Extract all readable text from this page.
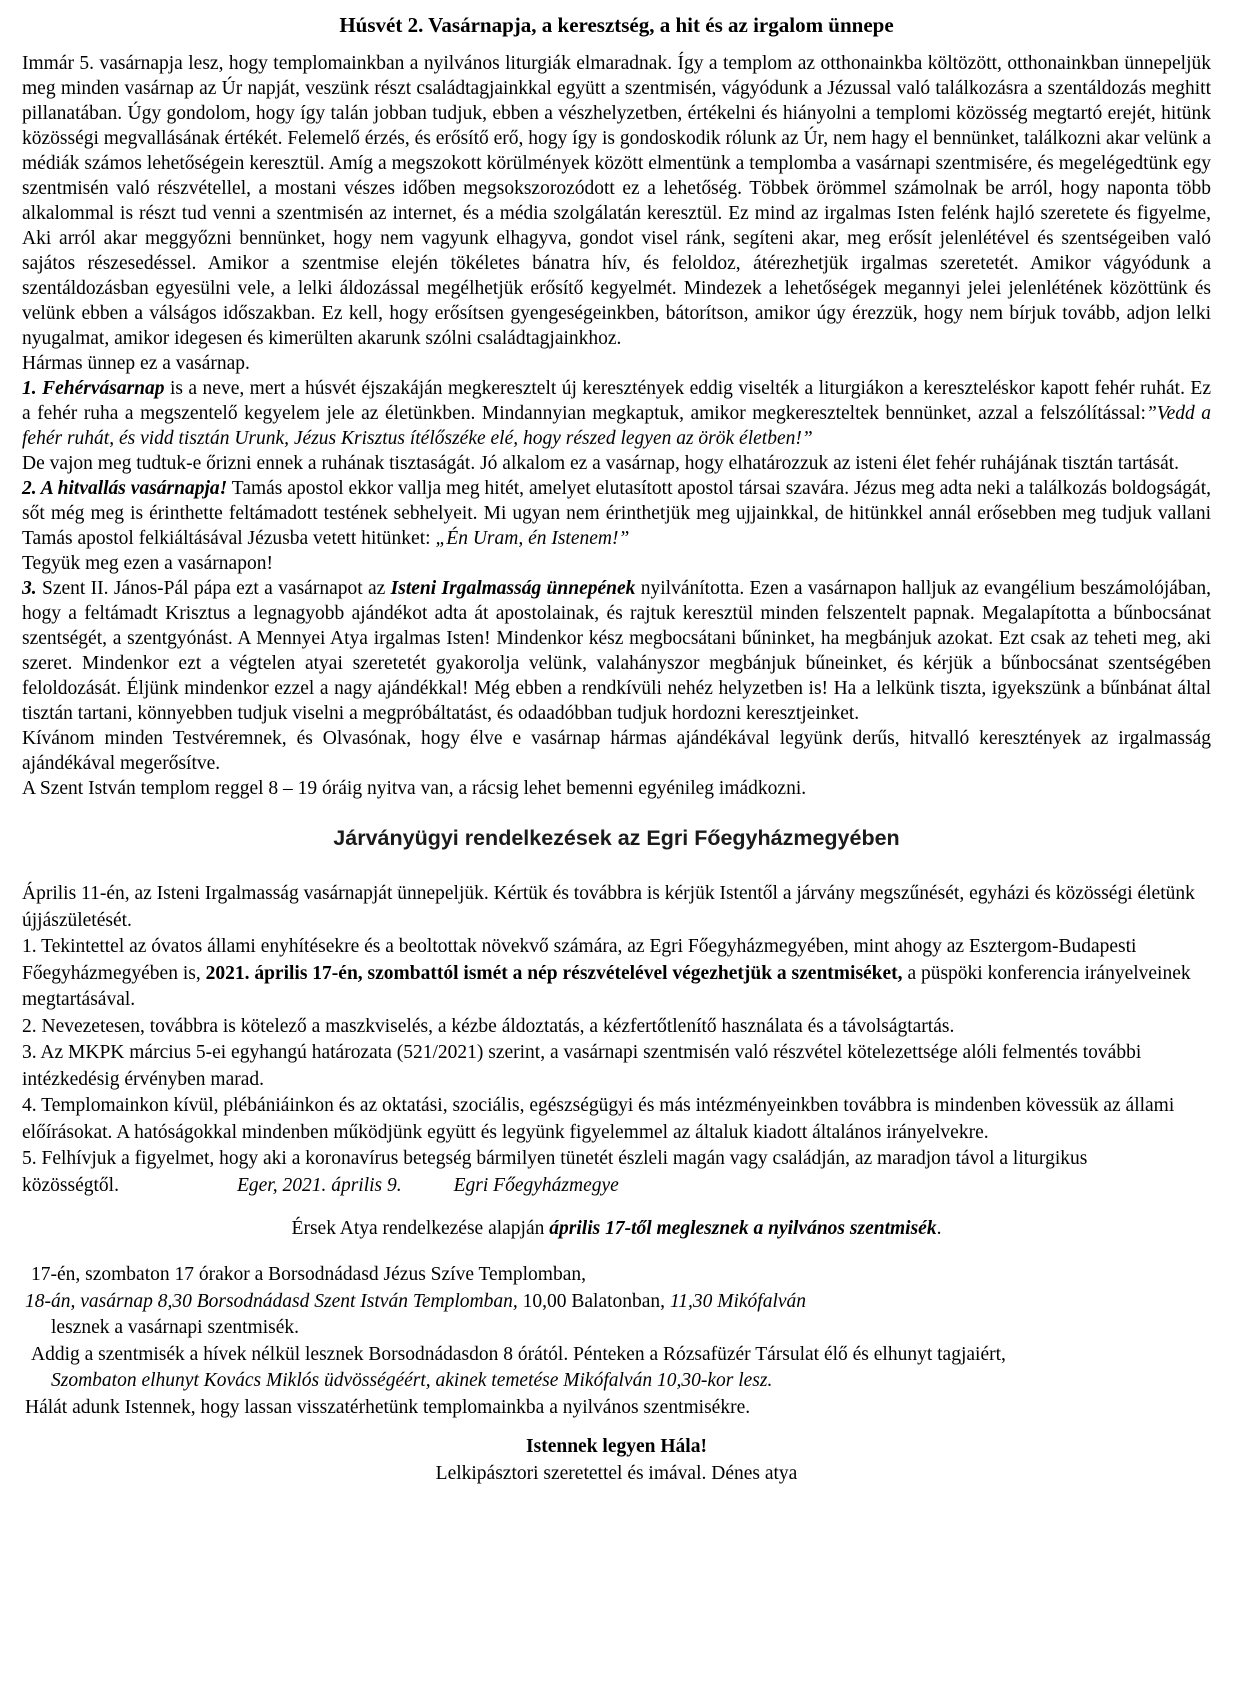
Húsvét 2. Vasárnapja, a keresztség, a hit és az irgalom ünnepe

Immár 5. vasárnapja lesz, hogy templomainkban a nyilvános liturgiák elmaradnak. Így a templom az otthonainkba költözött, otthonainkban ünnepeljük meg minden vasárnap az Úr napját, veszünk részt családtagjainkkal együtt a szentmisén, vágyódunk a Jézussal való találkozásra a szentáldozás meghitt pillanatában. Úgy gondolom, hogy így talán jobban tudjuk, ebben a vészhelyzetben, értékelni és hiányolni a templomi közösség megtartó erejét, hitünk közösségi megvallásának értékét. Felemelő érzés, és erősítő erő, hogy így is gondoskodik rólunk az Úr, nem hagy el bennünket, találkozni akar velünk a médiák számos lehetőségein keresztül. Amíg a megszokott körülmények között elmentünk a templomba a vasárnapi szentmisére, és megelégedtünk egy szentmisén való részvétellel, a mostani vészes időben megsokszorozódott ez a lehetőség. Többek örömmel számolnak be arról, hogy naponta több alkalommal is részt tud venni a szentmisén az internet, és a média szolgálatán keresztül. Ez mind az irgalmas Isten felénk hajló szeretete és figyelme, Aki arról akar meggyőzni bennünket, hogy nem vagyunk elhagyva, gondot visel ránk, segíteni akar, meg erősít jelenlétével és szentségeiben való sajátos részesedéssel. Amikor a szentmise elején tökéletes bánatra hív, és feloldoz, átérezhetjük irgalmas szeretetét. Amikor vágyódunk a szentáldozásban egyesülni vele, a lelki áldozással megélhetjük erősítő kegyelmét. Mindezek a lehetőségek megannyi jelei jelenlétének közöttünk és velünk ebben a válságos időszakban. Ez kell, hogy erősítsen gyengeségeinkben, bátorítson, amikor úgy érezzük, hogy nem bírjuk tovább, adjon lelki nyugalmat, amikor idegesen és kimerülten akarunk szólni családtagjainkhoz.

Hármas ünnep ez a vasárnap.

1. Fehérvásarnap is a neve, mert a húsvét éjszakáján megkeresztelt új keresztények eddig viselték a liturgiákon a kereszteléskor kapott fehér ruhát. Ez a fehér ruha a megszentelő kegyelem jele az életünkben. Mindannyian megkaptuk, amikor megkereszteltek bennünket, azzal a felszólítással:”Vedd a fehér ruhát, és vidd tisztán Urunk, Jézus Krisztus ítélőszéke elé, hogy részed legyen az örök életben!”

De vajon meg tudtuk-e őrizni ennek a ruhának tisztaságát. Jó alkalom ez a vasárnap, hogy elhatározzuk az isteni élet fehér ruhájának tisztán tartását.

2. A hitvallás vasárnapja! Tamás apostol ekkor vallja meg hitét, amelyet elutasított apostol társai szavára. Jézus meg adta neki a találkozás boldogságát, sőt még meg is érinthette feltámadott testének sebhelyeit. Mi ugyan nem érinthetjük meg ujjainkkal, de hitünkkel annál erősebben meg tudjuk vallani Tamás apostol felkiáltásával Jézusba vetett hitünket: „Én Uram, én Istenem!”

Tegyük meg ezen a vasárnapon!

3. Szent II. János-Pál pápa ezt a vasárnapot az Isteni Irgalmasság ünnepének nyilvánította. Ezen a vasárnapon halljuk az evangélium beszámolójában, hogy a feltámadt Krisztus a legnagyobb ajándékot adta át apostolainak, és rajtuk keresztül minden felszentelt papnak. Megalapította a bűnbocsánat szentségét, a szentgyónást. A Mennyei Atya irgalmas Isten! Mindenkor kész megbocsátani bűninket, ha megbánjuk azokat. Ezt csak az teheti meg, aki szeret. Mindenkor ezt a végtelen atyai szeretetét gyakorolja velünk, valahányszor megbánjuk bűneinket, és kérjük a bűnbocsánat szentségében feloldozását. Éljünk mindenkor ezzel a nagy ajándékkal! Még ebben a rendkívüli nehéz helyzetben is! Ha a lelkünk tiszta, igyekszünk a bűnbánat által tisztán tartani, könnyebben tudjuk viselni a megpróbáltatást, és odaadóbban tudjuk hordozni keresztjeinket.

Kívánom minden Testvéremnek, és Olvasónak, hogy élve e vasárnap hármas ajándékával legyünk derűs, hitvalló keresztények az irgalmasság ajándékával megerősítve.

A Szent István templom reggel 8 – 19 óráig nyitva van, a rácsig lehet bemenni egyénileg imádkozni.

Járványügyi rendelkezések az Egri Főegyházmegyében

Április 11-én, az Isteni Irgalmasság vasárnapját ünnepeljük. Kértük és továbbra is kérjük Istentől a járvány megszűnését, egyházi és közösségi életünk újjászületését.

1. Tekintettel az óvatos állami enyhítésekre és a beoltottak növekvő számára, az Egri Főegyházmegyében, mint ahogy az Esztergom-Budapesti Főegyházmegyében is, 2021. április 17-én, szombattól ismét a nép részvételével végezhetjük a szentmiséket, a püspöki konferencia irányelveinek megtartásával.

2. Nevezetesen, továbbra is kötelező a maszkviselés, a kézbe áldoztatás, a kézfertőtlenítő használata és a távolságtartás.

3. Az MKPK március 5-ei egyhangú határozata (521/2021) szerint, a vasárnapi szentmisén való részvétel kötelezettsége alóli felmentés további intézkedésig érvényben marad.

4. Templomainkon kívül, plébániáinkon és az oktatási, szociális, egészségügyi és más intézményeinkben továbbra is mindenben kövessük az állami előírásokat. A hatóságokkal mindenben működjünk együtt és legyünk figyelemmel az általuk kiadott általános irányelvekre.

5. Felhívjuk a figyelmet, hogy aki a koronavírus betegség bármilyen tünetét észleli magán vagy családján, az maradjon távol a liturgikus közösségtől.	Eger, 2021. április 9.	Egri Főegyházmegye

Érsek Atya rendelkezése alapján április 17-től meglesznek a nyilvános szentmisék.

17-én, szombaton 17 órakor a Borsodnádasd Jézus Szíve Templomban,

18-án, vasárnap 8,30 Borsodnádasd Szent István Templomban, 10,00 Balatonban, 11,30 Mikófalván

lesznek a vasárnapi szentmisék.

Addig a szentmisék a hívek nélkül lesznek Borsodnádasdon 8 órától. Pénteken a Rózsafüzér Társulat élő és elhunyt tagjaiért,

Szombaton elhunyt Kovács Miklós üdvösségéért, akinek temetése Mikófalván 10,30-kor lesz.

Hálát adunk Istennek, hogy lassan visszatérhetünk templomainkba a nyilvános szentmisékre.

Istennek legyen Hála!

Lelkipásztori szeretettel és imával. Dénes atya
